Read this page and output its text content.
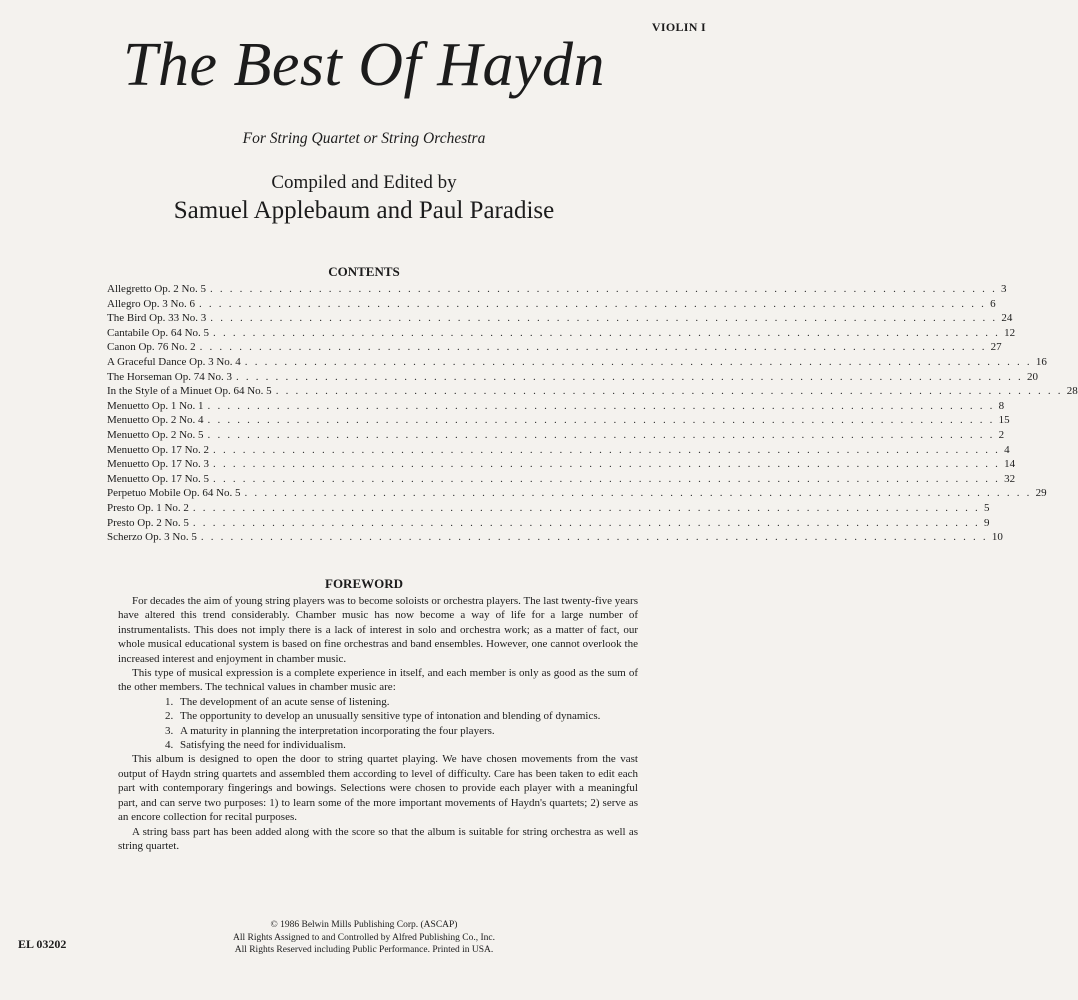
VIOLIN I
The Best Of Haydn
For String Quartet or String Orchestra
Compiled and Edited by
Samuel Applebaum and Paul Paradise
CONTENTS
Allegretto Op. 2 No. 5 . . . . . . . . . . . . . . . . . . . . . . . . . . . . . . . . . . . . . . . . . . . . . . . . . . . . . . . . . . . . . . . . . . . . . . . . . . . . . . . . 3
Allegro Op. 3 No. 6 . . . . . . . . . . . . . . . . . . . . . . . . . . . . . . . . . . . . . . . . . . . . . . . . . . . . . . . . . . . . . . . . . . . . . . . . . . . . . . . . 6
The Bird Op. 33 No. 3 . . . . . . . . . . . . . . . . . . . . . . . . . . . . . . . . . . . . . . . . . . . . . . . . . . . . . . . . . . . . . . . . . . . . . . . . . . . . . . . . 24
Cantabile Op. 64 No. 5 . . . . . . . . . . . . . . . . . . . . . . . . . . . . . . . . . . . . . . . . . . . . . . . . . . . . . . . . . . . . . . . . . . . . . . . . . . . . . . . . 12
Canon Op. 76 No. 2 . . . . . . . . . . . . . . . . . . . . . . . . . . . . . . . . . . . . . . . . . . . . . . . . . . . . . . . . . . . . . . . . . . . . . . . . . . . . . . . . 27
A Graceful Dance Op. 3 No. 4 . . . . . . . . . . . . . . . . . . . . . . . . . . . . . . . . . . . . . . . . . . . . . . . . . . . . . . . . . . . . . . . . . . . . . . . . . . . . . . . . 16
The Horseman Op. 74 No. 3 . . . . . . . . . . . . . . . . . . . . . . . . . . . . . . . . . . . . . . . . . . . . . . . . . . . . . . . . . . . . . . . . . . . . . . . . . . . . . . . . 20
In the Style of a Minuet Op. 64 No. 5 . . . . . . . . . . . . . . . . . . . . . . . . . . . . . . . . . . . . . . . . . . . . . . . . . . . . . . . . . . . . . . . . . . . . . . . . . . . . . . . . 28
Menuetto Op. 1 No. 1 . . . . . . . . . . . . . . . . . . . . . . . . . . . . . . . . . . . . . . . . . . . . . . . . . . . . . . . . . . . . . . . . . . . . . . . . . . . . . . . . 8
Menuetto Op. 2 No. 4 . . . . . . . . . . . . . . . . . . . . . . . . . . . . . . . . . . . . . . . . . . . . . . . . . . . . . . . . . . . . . . . . . . . . . . . . . . . . . . . . 15
Menuetto Op. 2 No. 5 . . . . . . . . . . . . . . . . . . . . . . . . . . . . . . . . . . . . . . . . . . . . . . . . . . . . . . . . . . . . . . . . . . . . . . . . . . . . . . . . 2
Menuetto Op. 17 No. 2 . . . . . . . . . . . . . . . . . . . . . . . . . . . . . . . . . . . . . . . . . . . . . . . . . . . . . . . . . . . . . . . . . . . . . . . . . . . . . . . . 4
Menuetto Op. 17 No. 3 . . . . . . . . . . . . . . . . . . . . . . . . . . . . . . . . . . . . . . . . . . . . . . . . . . . . . . . . . . . . . . . . . . . . . . . . . . . . . . . . 14
Menuetto Op. 17 No. 5 . . . . . . . . . . . . . . . . . . . . . . . . . . . . . . . . . . . . . . . . . . . . . . . . . . . . . . . . . . . . . . . . . . . . . . . . . . . . . . . . 32
Perpetuo Mobile Op. 64 No. 5 . . . . . . . . . . . . . . . . . . . . . . . . . . . . . . . . . . . . . . . . . . . . . . . . . . . . . . . . . . . . . . . . . . . . . . . . . . . . . . . . 29
Presto Op. 1 No. 2 . . . . . . . . . . . . . . . . . . . . . . . . . . . . . . . . . . . . . . . . . . . . . . . . . . . . . . . . . . . . . . . . . . . . . . . . . . . . . . . . 5
Presto Op. 2 No. 5 . . . . . . . . . . . . . . . . . . . . . . . . . . . . . . . . . . . . . . . . . . . . . . . . . . . . . . . . . . . . . . . . . . . . . . . . . . . . . . . . 9
Scherzo Op. 3 No. 5 . . . . . . . . . . . . . . . . . . . . . . . . . . . . . . . . . . . . . . . . . . . . . . . . . . . . . . . . . . . . . . . . . . . . . . . . . . . . . . . . 10
FOREWORD

For decades the aim of young string players was to become soloists or orchestra players. The last twenty-five years have altered this trend considerably. Chamber music has now become a way of life for a large number of instrumentalists. This does not imply there is a lack of interest in solo and orchestra work; as a matter of fact, our whole musical educational system is based on fine orchestras and band ensembles. However, one cannot overlook the increased interest and enjoyment in chamber music.

This type of musical expression is a complete experience in itself, and each member is only as good as the sum of the other members. The technical values in chamber music are:

1. The development of an acute sense of listening.
2. The opportunity to develop an unusually sensitive type of intonation and blending of dynamics.
3. A maturity in planning the interpretation incorporating the four players.
4. Satisfying the need for individualism.

This album is designed to open the door to string quartet playing. We have chosen movements from the vast output of Haydn string quartets and assembled them according to level of difficulty. Care has been taken to edit each part with contemporary fingerings and bowings. Selections were chosen to provide each player with a meaningful part, and can serve two purposes: 1) to learn some of the more important movements of Haydn's quartets; 2) serve as an encore collection for recital purposes.

A string bass part has been added along with the score so that the album is suitable for string orchestra as well as string quartet.

© 1986 Belwin Mills Publishing Corp. (ASCAP)
All Rights Assigned to and Controlled by Alfred Publishing Co., Inc.
All Rights Reserved including Public Performance. Printed in USA.
EL 03202
